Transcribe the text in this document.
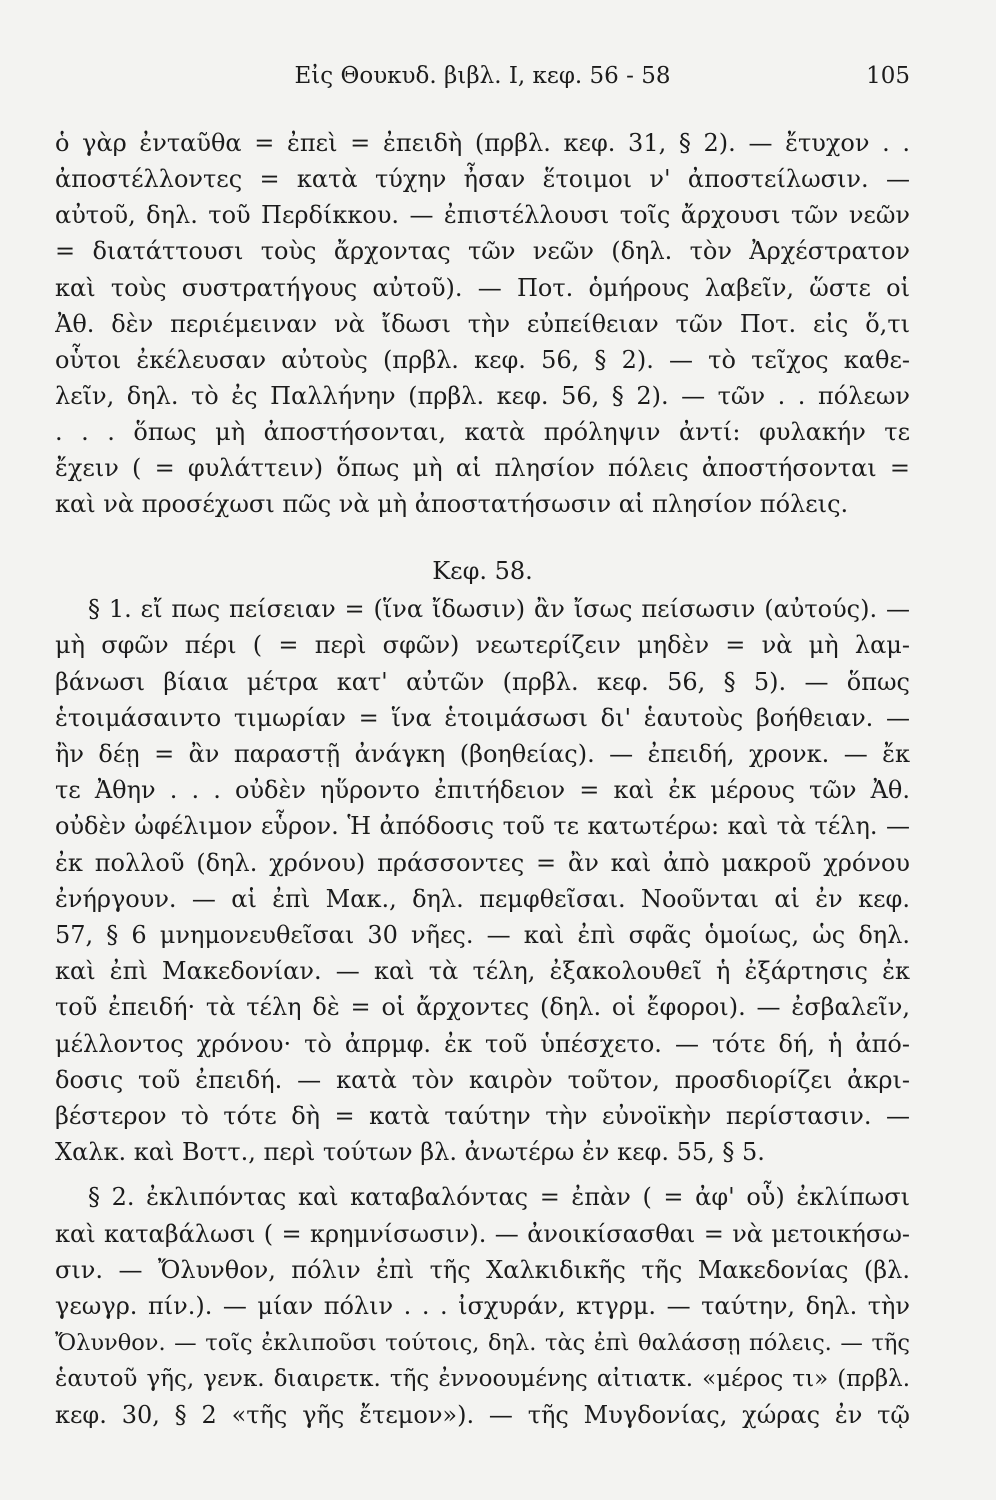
Εἰς Θουκυδ. βιβλ. I, κεφ. 56 - 58	105
ὁ γὰρ ἐνταῦθα = ἐπεὶ = ἐπειδὴ (πρβλ. κεφ. 31, § 2). — ἔτυχον . .
ἀποστέλλοντες = κατὰ τύχην ἦσαν ἕτοιμοι ν' ἀποστείλωσιν. —
αὐτοῦ, δηλ. τοῦ Περδίκκου. — ἐπιστέλλουσι τοῖς ἄρχουσι τῶν νεῶν
= διατάττουσι τοὺς ἄρχοντας τῶν νεῶν (δηλ. τὸν Ἀρχέστρατον
καὶ τοὺς συστρατήγους αὐτοῦ). — Ποτ. ὁμήρους λαβεῖν, ὥστε οἱ
Ἀθ. δὲν περιέμειναν νὰ ἴδωσι τὴν εὐπείθειαν τῶν Ποτ. εἰς ὅ,τι
οὗτοι ἐκέλευσαν αὐτοὺς (πρβλ. κεφ. 56, § 2). — τὸ τεῖχος καθε-
λεῖν, δηλ. τὸ ἐς Παλλήνην (πρβλ. κεφ. 56, § 2). — τῶν . . πόλεων
. . . ὅπως μὴ ἀποστήσονται, κατὰ πρόληψιν ἀντί: φυλακήν τε
ἔχειν ( = φυλάττειν) ὅπως μὴ αἱ πλησίον πόλεις ἀποστήσονται =
καὶ νὰ προσέχωσι πῶς νὰ μὴ ἀποστατήσωσιν αἱ πλησίον πόλεις.
Κεφ. 58.
§ 1. εἴ πως πείσειαν = (ἵνα ἴδωσιν) ἂν ἴσως πείσωσιν (αὐτούς). —
μὴ σφῶν πέρι ( = περὶ σφῶν) νεωτερίζειν μηδὲν = νὰ μὴ λαμ-
βάνωσι βίαια μέτρα κατ' αὐτῶν (πρβλ. κεφ. 56, § 5). — ὅπως
ἑτοιμάσαιντο τιμωρίαν = ἵνα ἑτοιμάσωσι δι' ἑαυτοὺς βοήθειαν. —
ἢν δέῃ = ἂν παραστῇ ἀνάγκη (βοηθείας). — ἐπειδή, χρονκ. — ἔκ
τε Ἀθην . . . οὐδὲν ηὕροντο ἐπιτήδειον = καὶ ἐκ μέρους τῶν Ἀθ.
οὐδὲν ὠφέλιμον εὗρον. Ἡ ἀπόδοσις τοῦ τε κατωτέρω: καὶ τὰ τέλη. —
ἐκ πολλοῦ (δηλ. χρόνου) πράσσοντες = ἂν καὶ ἀπὸ μακροῦ χρόνου
ἐνήργουν. — αἱ ἐπὶ Μακ., δηλ. πεμφθεῖσαι. Νοοῦνται αἱ ἐν κεφ.
57, § 6 μνημονευθεῖσαι 30 νῆες. — καὶ ἐπὶ σφᾶς ὁμοίως, ὡς δηλ.
καὶ ἐπὶ Μακεδονίαν. — καὶ τὰ τέλη, ἐξακολουθεῖ ἡ ἐξάρτησις ἐκ
τοῦ ἐπειδή· τὰ τέλη δὲ = οἱ ἄρχοντες (δηλ. οἱ ἔφοροι). — ἐσβαλεῖν,
μέλλοντος χρόνου· τὸ ἀπρμφ. ἐκ τοῦ ὑπέσχετο. — τότε δή, ἡ ἀπό-
δοσις τοῦ ἐπειδή. — κατὰ τὸν καιρὸν τοῦτον, προσδιορίζει ἀκρι-
βέστερον τὸ τότε δὴ = κατὰ ταύτην τὴν εὐνοϊκὴν περίστασιν. —
Χαλκ. καὶ Βοττ., περὶ τούτων βλ. ἀνωτέρω ἐν κεφ. 55, § 5.
§ 2. ἐκλιπόντας καὶ καταβαλόντας = ἐπὰν ( = ἀφ' οὗ) ἐκλίπωσι
καὶ καταβάλωσι ( = κρημνίσωσιν). — ἀνοικίσασθαι = νὰ μετοικήσω-
σιν. — Ὄλυνθον, πόλιν ἐπὶ τῆς Χαλκιδικῆς τῆς Μακεδονίας (βλ.
γεωγρ. πίν.). — μίαν πόλιν . . . ἰσχυράν, κτγρμ. — ταύτην, δηλ. τὴν
Ὄλυνθον. — τοῖς ἐκλιποῦσι τούτοις, δηλ. τὰς ἐπὶ θαλάσσῃ πόλεις. — τῆς
ἑαυτοῦ γῆς, γενκ. διαιρετκ. τῆς ἐννοουμένης αἰτιατκ. «μέρος τι» (πρβλ.
κεφ. 30, § 2 «τῆς γῆς ἔτεμον»). — τῆς Μυγδονίας, χώρας ἐν τῷ
